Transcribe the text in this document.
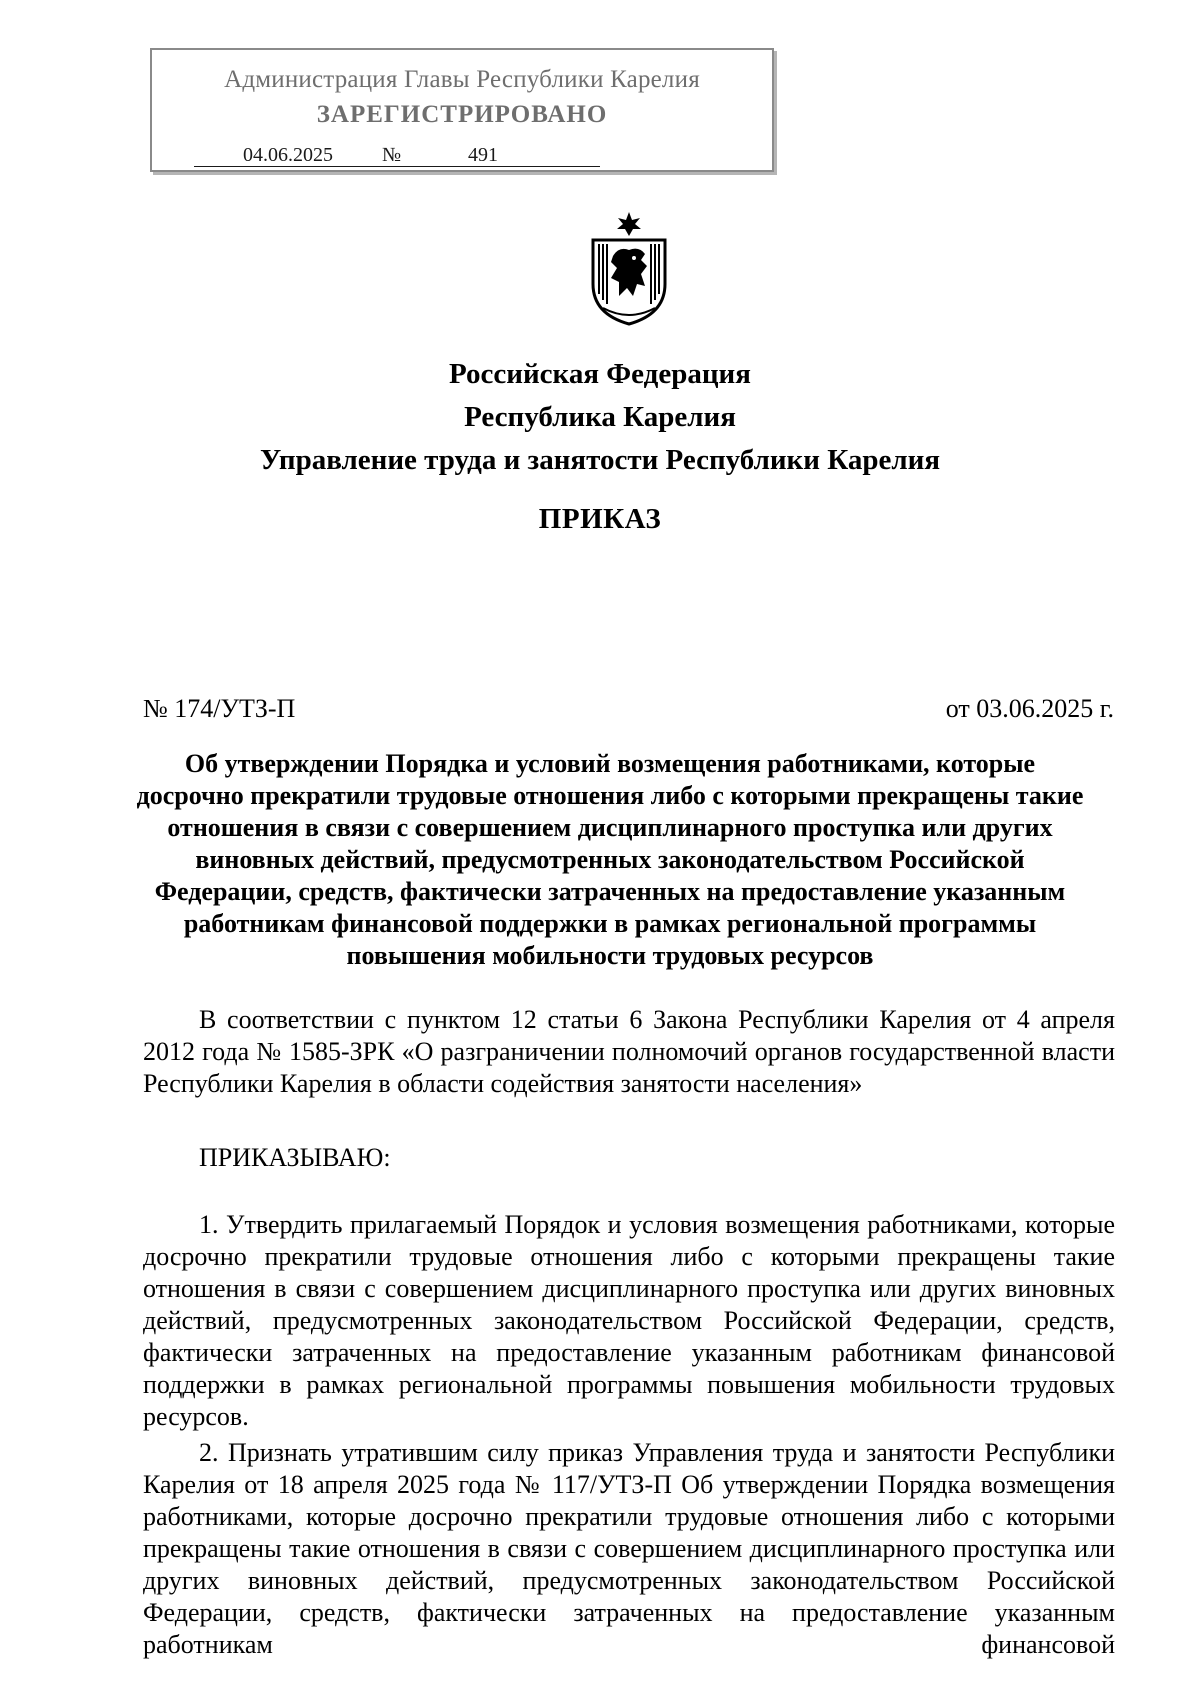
Администрация Главы Республики Карелия
ЗАРЕГИСТРИРОВАНО
04.06.2025	№	491
Российская Федерация
Республика Карелия
Управление труда и занятости Республики Карелия
ПРИКАЗ
№ 174/УТЗ-П	от 03.06.2025 г.
Об утверждении Порядка и условий возмещения работниками, которые досрочно прекратили трудовые отношения либо с которыми прекращены такие отношения в связи с совершением дисциплинарного проступка или других виновных действий, предусмотренных законодательством Российской Федерации, средств, фактически затраченных на предоставление указанным работникам финансовой поддержки в рамках региональной программы повышения мобильности трудовых ресурсов
В соответствии с пунктом 12 статьи 6 Закона Республики Карелия от 4 апреля 2012 года № 1585-ЗРК «О разграничении полномочий органов государственной власти Республики Карелия в области содействия занятости населения»
ПРИКАЗЫВАЮ:
1. Утвердить прилагаемый Порядок и условия возмещения работниками, которые досрочно прекратили трудовые отношения либо с которыми прекращены такие отношения в связи с совершением дисциплинарного проступка или других виновных действий, предусмотренных законодательством Российской Федерации, средств, фактически затраченных на предоставление указанным работникам финансовой поддержки в рамках региональной программы повышения мобильности трудовых ресурсов.
2. Признать утратившим силу приказ Управления труда и занятости Республики Карелия от 18 апреля 2025 года № 117/УТЗ-П Об утверждении Порядка возмещения работниками, которые досрочно прекратили трудовые отношения либо с которыми прекращены такие отношения в связи с совершением дисциплинарного проступка или других виновных действий, предусмотренных законодательством Российской Федерации, средств, фактически затраченных на предоставление указанным работникам финансовой
